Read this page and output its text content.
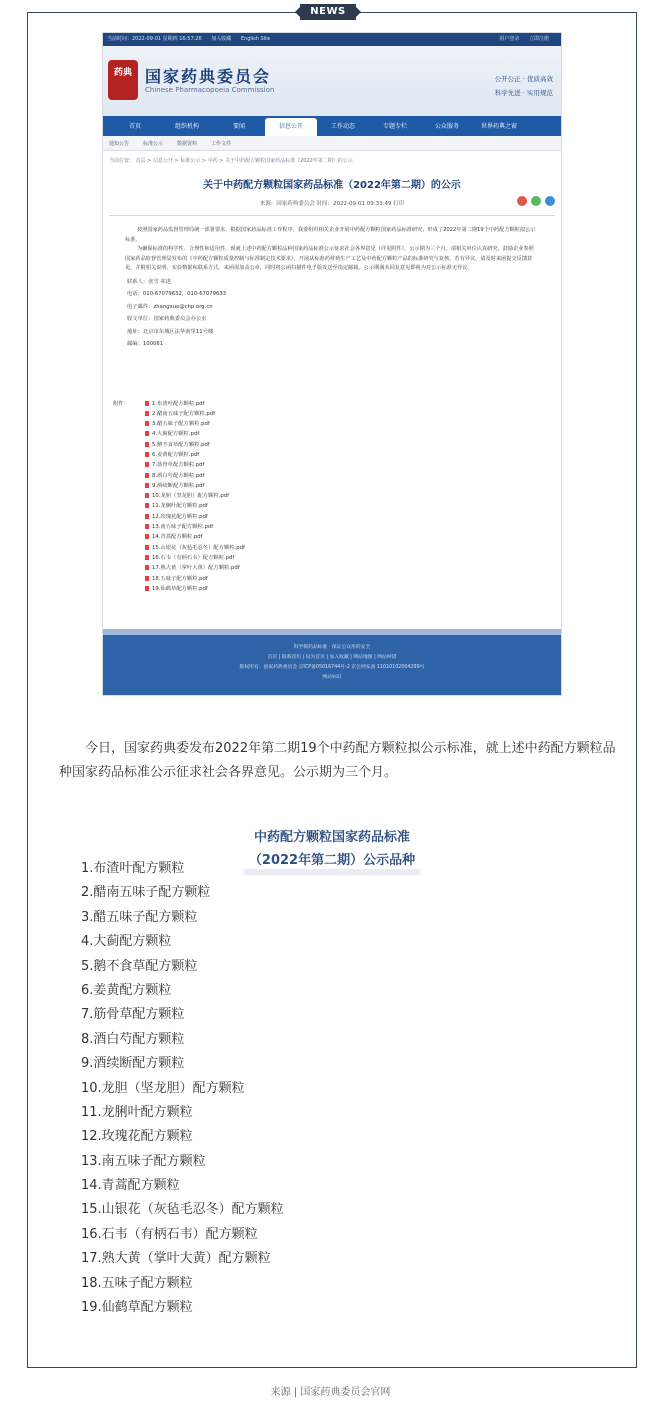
NEWS
当前时间：2022-09-01 星期四 16:57:26 加入收藏 English Site	用户登录 立即注册
药典 国家药典委员会
Chinese Pharmacopoeia Commission
公开公正 · 优质高效
科学先进 · 实用规范
首页	组织机构	要闻	信息公开	工作动态	专题专栏	公众服务	世界药典之窗
通知公告	标准公示	数据资料	工作文件
当前位置： 首页 > 信息公开 > 标准公示 > 中药 > 关于中药配方颗粒国家药品标准（2022年第二期）的公示
关于中药配方颗粒国家药品标准（2022年第二期）的公示
来源：国家药典委员会 时间：2022-09-01 09:33:49 打印

按照国家药品监督管理局统一部署要求，根据国家药品标准工作程序，我委组织相关企业开展中药配方颗粒国家药品标准研究，形成了2022年第二期19个中药配方颗粒拟公示标准。

为确保标准的科学性、合理性和适用性，现就上述中药配方颗粒品种国家药品标准公示征求社会各界意见（详见附件），公示期为三个月。请相关单位认真研究，鼓励企业参照国家药品监督管理局发布的《中药配方颗粒质量控制与标准制定技术要求》，开展从标准药材到生产工艺及中药配方颗粒产品的标准研究与复核。若有异议，请及时来函提交反馈意见，并附相关说明、实验数据和联系方式。来函需加盖公章，同时将公函扫描件电子版发送至指定邮箱。公示期满未回复意见即视为对公示标准无异议。

联系人：张雪 祁进
电话：010-67079632，010-67079633
电子邮件：zhangxue@chp.org.cn
收文单位：国家药典委员会办公室
地址：北京市东城区法华南里11号楼
邮编：100061
附件：	1.布渣叶配方颗粒.pdf
2.醋南五味子配方颗粒.pdf
3.醋五味子配方颗粒.pdf
4.大蓟配方颗粒.pdf
5.鹅不食草配方颗粒.pdf
6.姜黄配方颗粒.pdf
7.筋骨草配方颗粒.pdf
8.酒白芍配方颗粒.pdf
9.酒续断配方颗粒.pdf
10.龙胆（坚龙胆）配方颗粒.pdf
11.龙脷叶配方颗粒.pdf
12.玫瑰花配方颗粒.pdf
13.南五味子配方颗粒.pdf
14.青蒿配方颗粒.pdf
15.山银花（灰毡毛忍冬）配方颗粒.pdf
16.石韦（有柄石韦）配方颗粒.pdf
17.熟大黄（掌叶大黄）配方颗粒.pdf
18.五味子配方颗粒.pdf
19.仙鹤草配方颗粒.pdf
科学制药品标准 · 保证公众用药安全
首页 | 联系我们 | 设为首页 | 加入收藏 | 网站地图 | 网站纠错
版权所有：国家药典委员会 京ICP备05016744号-2 京公网安备 11010102004299号
网站标识
今日，国家药典委发布2022年第二期19个中药配方颗粒拟公示标准，就上述中药配方颗粒品种国家药品标准公示征求社会各界意见。公示期为三个月。
中药配方颗粒国家药品标准
（2022年第二期）公示品种
1.布渣叶配方颗粒
2.醋南五味子配方颗粒
3.醋五味子配方颗粒
4.大蓟配方颗粒
5.鹅不食草配方颗粒
6.姜黄配方颗粒
7.筋骨草配方颗粒
8.酒白芍配方颗粒
9.酒续断配方颗粒
10.龙胆（坚龙胆）配方颗粒
11.龙脷叶配方颗粒
12.玫瑰花配方颗粒
13.南五味子配方颗粒
14.青蒿配方颗粒
15.山银花（灰毡毛忍冬）配方颗粒
16.石韦（有柄石韦）配方颗粒
17.熟大黄（掌叶大黄）配方颗粒
18.五味子配方颗粒
19.仙鹤草配方颗粒
来源 | 国家药典委员会官网
